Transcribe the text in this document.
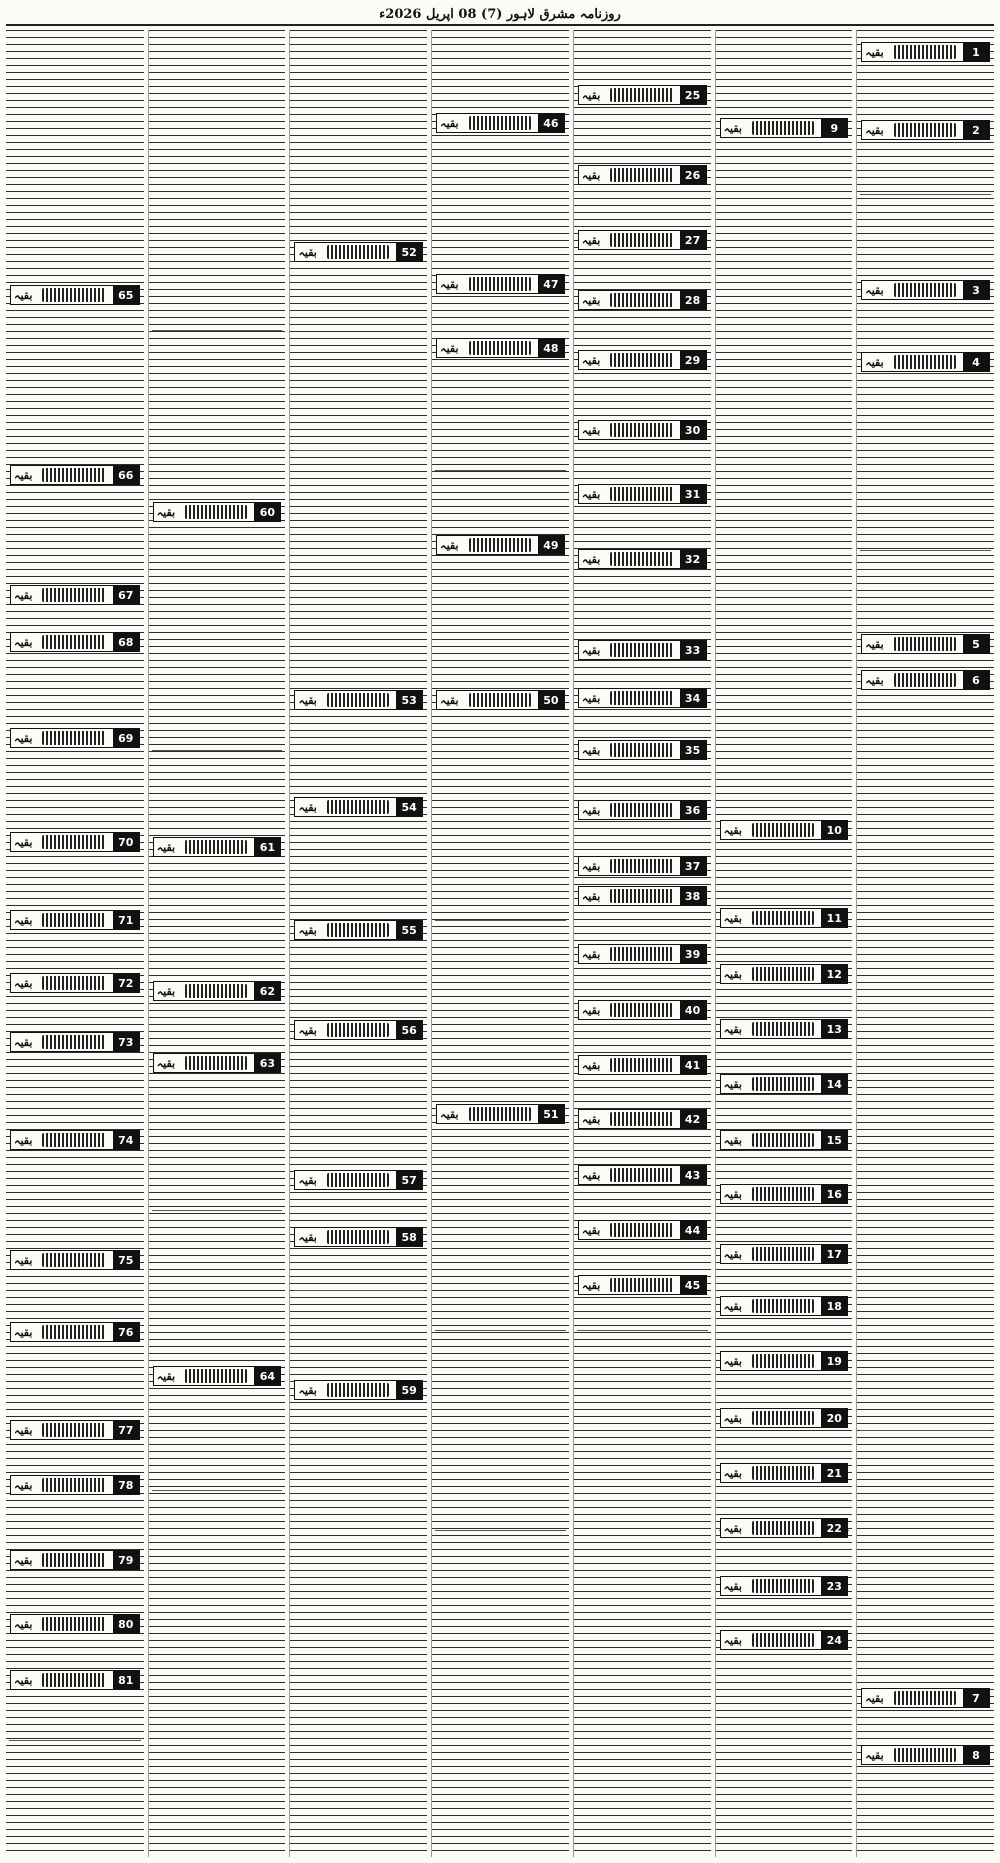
روزنامہ مشرق لاہور (7) 08 اپریل 2026ء
1
بقیہ
2
بقیہ
3
بقیہ
4
بقیہ
5
بقیہ
6
بقیہ
7
بقیہ
8
بقیہ
9
بقیہ
10
بقیہ
11
بقیہ
12
بقیہ
13
بقیہ
14
بقیہ
15
بقیہ
16
بقیہ
17
بقیہ
18
بقیہ
19
بقیہ
20
بقیہ
21
بقیہ
22
بقیہ
23
بقیہ
24
بقیہ
25
بقیہ
26
بقیہ
27
بقیہ
28
بقیہ
29
بقیہ
30
بقیہ
31
بقیہ
32
بقیہ
33
بقیہ
34
بقیہ
35
بقیہ
36
بقیہ
37
بقیہ
38
بقیہ
39
بقیہ
40
بقیہ
41
بقیہ
42
بقیہ
43
بقیہ
44
بقیہ
45
بقیہ
46
بقیہ
47
بقیہ
48
بقیہ
49
بقیہ
50
بقیہ
51
بقیہ
52
بقیہ
53
بقیہ
54
بقیہ
55
بقیہ
56
بقیہ
57
بقیہ
58
بقیہ
59
بقیہ
60
بقیہ
61
بقیہ
62
بقیہ
63
بقیہ
64
بقیہ
65
بقیہ
66
بقیہ
67
بقیہ
68
بقیہ
69
بقیہ
70
بقیہ
71
بقیہ
72
بقیہ
73
بقیہ
74
بقیہ
75
بقیہ
76
بقیہ
77
بقیہ
78
بقیہ
79
بقیہ
80
بقیہ
81
بقیہ
